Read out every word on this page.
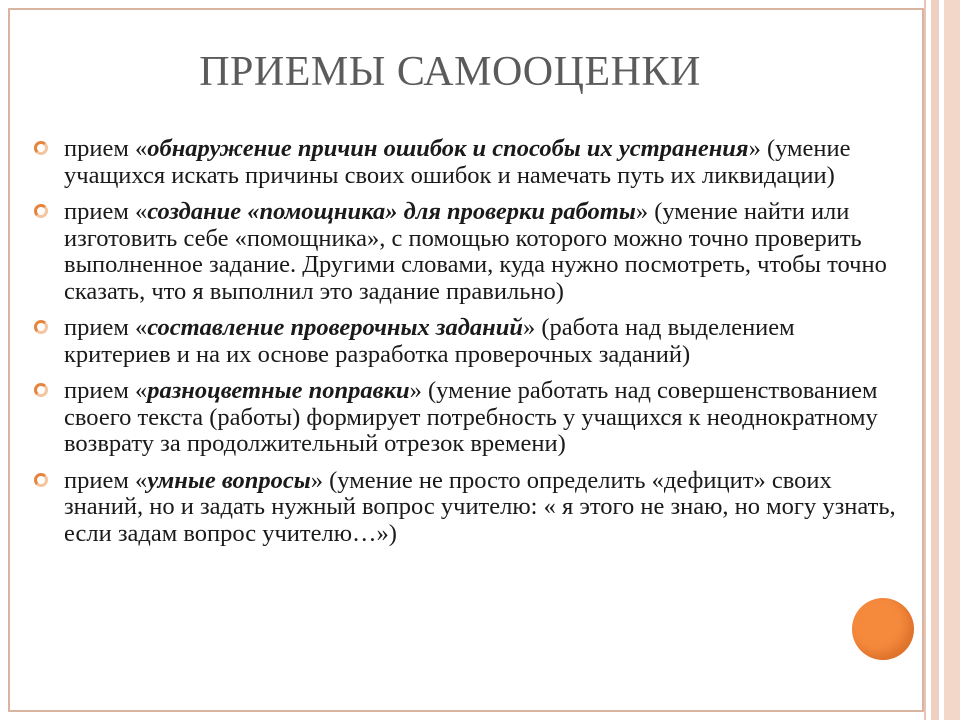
ПРИЕМЫ САМООЦЕНКИ
прием «обнаружение причин ошибок и способы их устранения» (умение учащихся искать причины своих ошибок и намечать путь их ликвидации)
прием «создание «помощника» для проверки работы» (умение найти или изготовить себе «помощника», с помощью которого можно точно проверить выполненное задание. Другими словами, куда нужно посмотреть, чтобы точно сказать, что я выполнил это задание правильно)
прием «составление проверочных заданий» (работа над выделением критериев и на их основе разработка проверочных заданий)
прием «разноцветные поправки» (умение работать над совершенствованием своего текста (работы) формирует потребность у учащихся к неоднократному возврату за продолжительный отрезок времени)
прием «умные вопросы» (умение не просто определить «дефицит» своих знаний, но и задать нужный вопрос учителю: « я этого не знаю, но могу узнать, если задам вопрос учителю…»)
